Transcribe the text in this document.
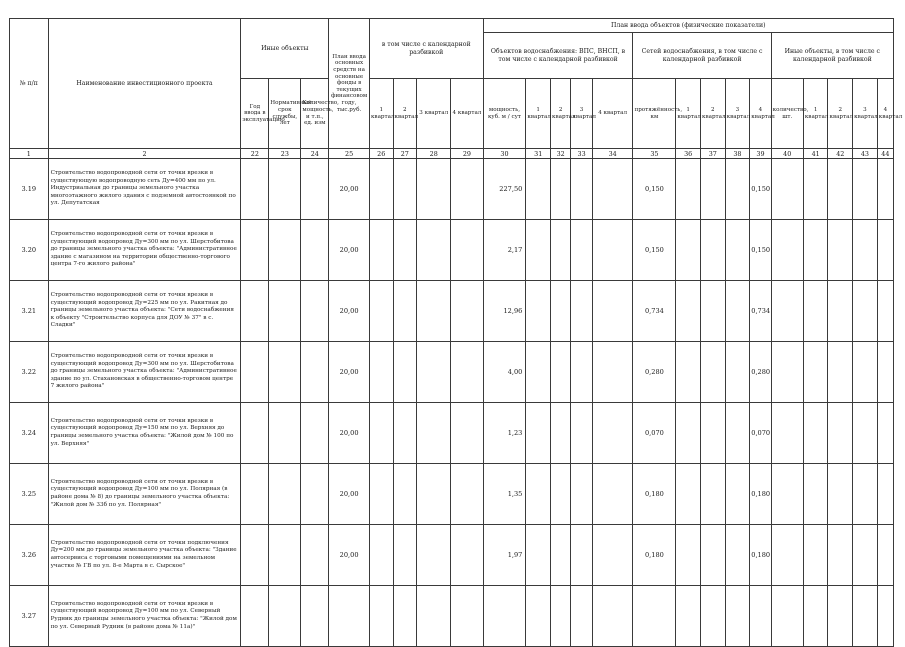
№ п/п	Наименование инвестиционного проекта	Иные объекты			План ввода основных средств на основные фонды в текущих финансовом году, тыс.руб.	в том числе с календарной разбивкой				План ввода объектов (физические показатели)														
										Объектов водоснабжения: ВПС, ВНСП, в том числе с календарной разбивкой					Сетей водоснабжения, в том числе с календарной разбивкой					Иные объекты, в том числе с календарной разбивкой				
		Год ввода в эксплуатацию	Нормативный срок службы, лет	Количество, мощность, и т.п., ед. изм		1 квартал	2 квартал	3 квартал	4 квартал	мощность, куб. м / сут	1 квартал	2 квартал	3 квартал	4 квартал	протяжённость, км	1 квартал	2 квартал	3 квартал	4 квартал	количество, шт.	1 квартал	2 квартал	3 квартал	4 квартал
1	2	22	23	24	25	26	27	28	29	30	31	32	33	34	35	36	37	38	39	40	41	42	43	44
3.19	Строительство водопроводной сети от точки врезки в существующую водопроводную сеть Ду=400 мм по ул. Индустриальная до границы земельного участка многоэтажного жилого здания с подземной автостоянкой по ул. Депутатская				20,00					227,50					0,150				0,150					
3.20	Строительство водопроводной сети от точки врезки в существующий водопровод Ду=300 мм по ул. Шерстобитова до границы земельного участка объекта: "Административное здание с магазином на территории общественно-торгового центра 7-го жилого района"				20,00					2,17					0,150				0,150					
3.21	Строительство водопроводной сети от точки врезки в существующий водопровод Ду=225 мм по ул. Ракитная до границы земельного участка объекта: "Сети водоснабжения к объекту "Строительство корпуса для ДОУ № 37" в с. Сладки"				20,00					12,96					0,734				0,734					
3.22	Строительство водопроводной сети от точки врезки в существующий водопровод Ду=300 мм по ул. Шерстобитова до границы земельного участка объекта: "Административное здание по ул. Стахановская в общественно-торговом центре 7 жилого района"				20,00					4,00					0,280				0,280					
3.24	Строительство водопроводной сети от точки врезки в существующий водопровод Ду=150 мм по ул. Верхняя до границы земельного участка объекта: "Жилой дом № 100 по ул. Верхняя"				20,00					1,23					0,070				0,070					
3.25	Строительство водопроводной сети от точки врезки в существующий водопровод Ду=100 мм по ул. Полярная (в районе дома № 8) до границы земельного участка объекта: "Жилой дом № 33б по ул. Полярная"				20,00					1,35					0,180				0,180					
3.26	Строительство водопроводной сети от точки подключения Ду=200 мм до границы земельного участка объекта: "Здание автосервиса с торговыми помещениями на земельном участке № ГВ по ул. 8-е Марта в с. Сырское"				20,00					1,97					0,180				0,180					
3.27	Строительство водопроводной сети от точки врезки в существующий водопровод Ду=100 мм по ул. Северный Рудник до границы земельного участка объекта: "Жилой дом по ул. Северный Рудник (в районе дома № 11а)"																							
